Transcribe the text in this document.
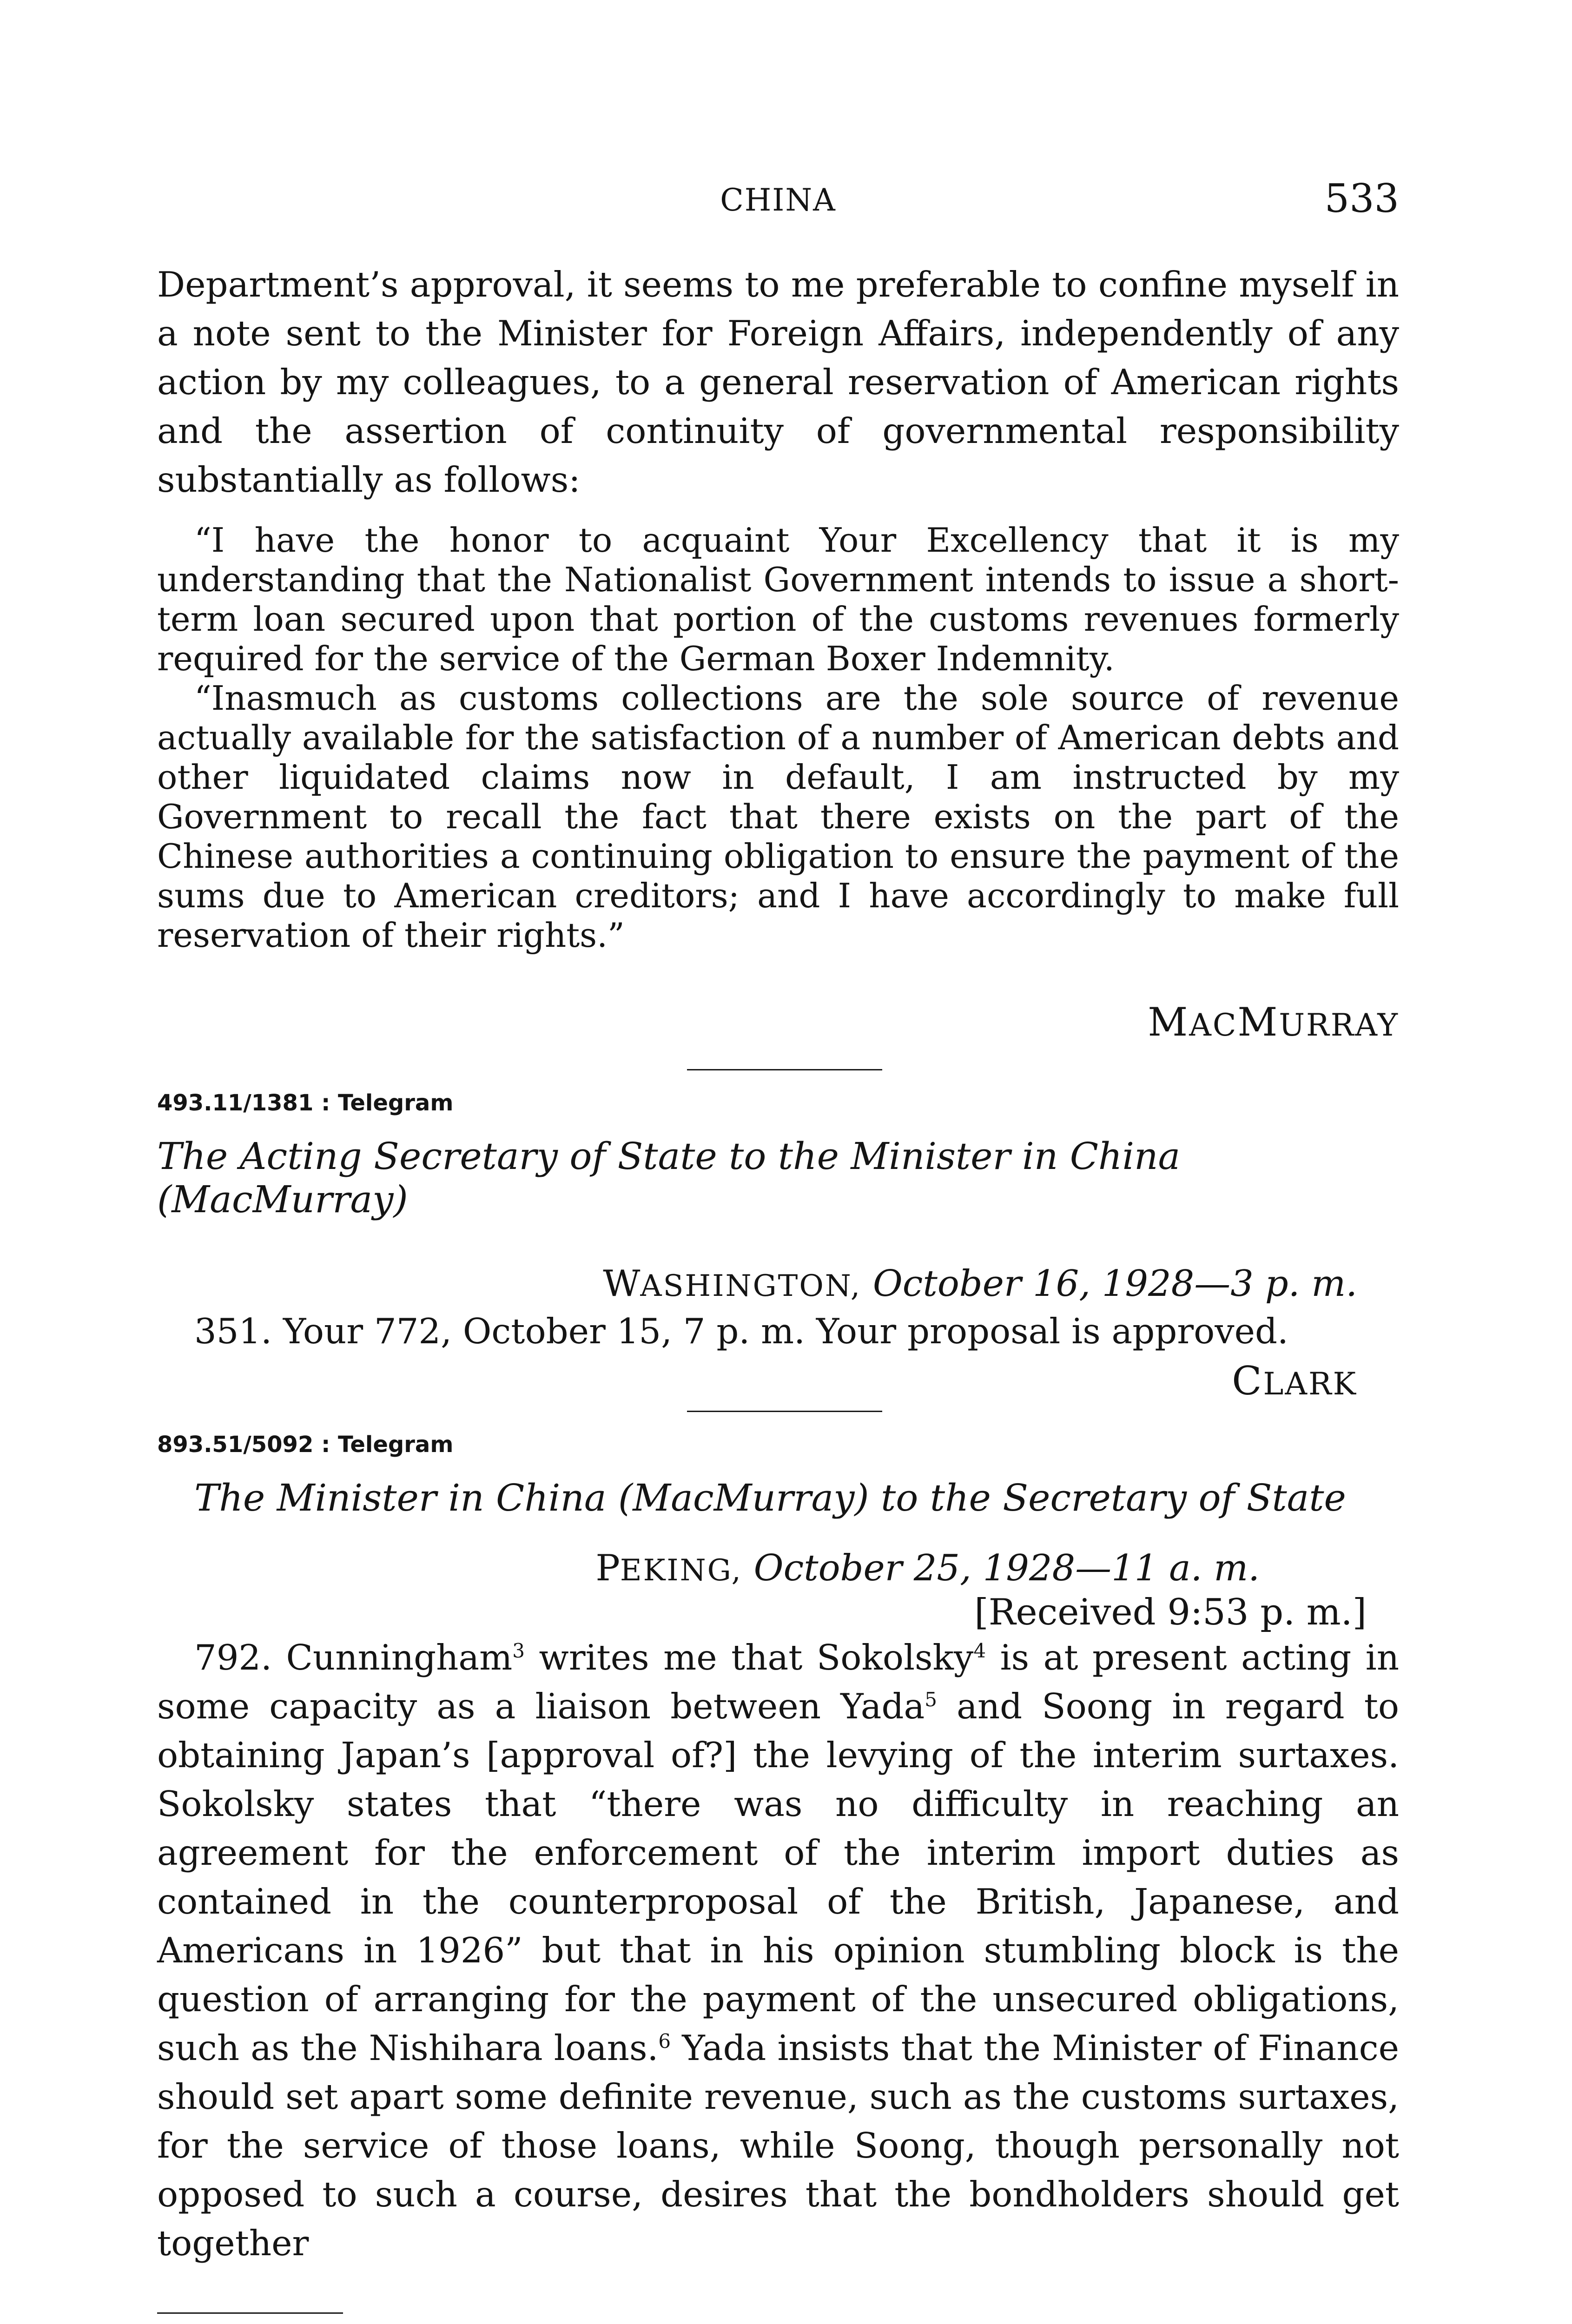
CHINA	533

Department’s approval, it seems to me preferable to confine myself in a note sent to the Minister for Foreign Affairs, independently of any action by my colleagues, to a general reservation of American rights and the assertion of continuity of governmental responsibility substantially as follows:

“I have the honor to acquaint Your Excellency that it is my understanding that the Nationalist Government intends to issue a short-term loan secured upon that portion of the customs revenues formerly required for the service of the German Boxer Indemnity.

“Inasmuch as customs collections are the sole source of revenue actually available for the satisfaction of a number of American debts and other liquidated claims now in default, I am instructed by my Government to recall the fact that there exists on the part of the Chinese authorities a continuing obligation to ensure the payment of the sums due to American creditors; and I have accordingly to make full reservation of their rights.”

MACMURRAY
493.11/1381 : Telegram
The Acting Secretary of State to the Minister in China (MacMurray)
WASHINGTON, October 16, 1928—3 p. m.

351. Your 772, October 15, 7 p. m. Your proposal is approved.

CLARK
893.51/5092 : Telegram
The Minister in China (MacMurray) to the Secretary of State
PEKING, October 25, 1928—11 a. m.
[Received 9:53 p. m.]

792. Cunningham$^3$ writes me that Sokolsky$^4$ is at present acting in some capacity as a liaison between Yada$^5$ and Soong in regard to obtaining Japan’s [approval of?] the levying of the interim surtaxes. Sokolsky states that “there was no difficulty in reaching an agreement for the enforcement of the interim import duties as contained in the counterproposal of the British, Japanese, and Americans in 1926” but that in his opinion stumbling block is the question of arranging for the payment of the unsecured obligations, such as the Nishihara loans.$^6$ Yada insists that the Minister of Finance should set apart some definite revenue, such as the customs surtaxes, for the service of those loans, while Soong, though personally not opposed to such a course, desires that the bondholders should get together
